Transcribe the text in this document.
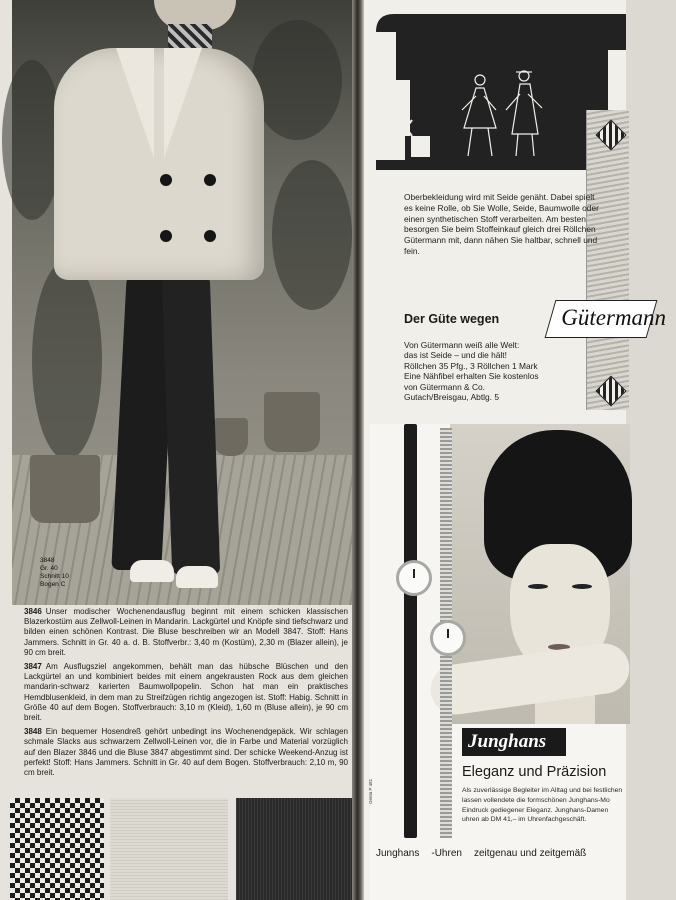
3848
Gr. 40
Schnitt 10
Bogen C

3846 Unser modischer Wochenendausflug beginnt mit einem schicken klassischen Blazerkostüm aus Zellwoll-Leinen in Mandarin. Lackgürtel und Knöpfe sind tiefschwarz und bilden einen schönen Kontrast. Die Bluse beschreiben wir an Modell 3847. Stoff: Hans Jammers. Schnitt in Gr. 40 a. d. B. Stoffverbr.: 3,40 m (Kostüm), 2,30 m (Blazer allein), je 90 cm breit.

3847 Am Ausflugsziel angekommen, behält man das hübsche Blüschen und den Lackgürtel an und kombiniert beides mit einem angekrausten Rock aus dem gleichen mandarin-schwarz karierten Baumwollpopelin. Schon hat man ein praktisches Hemdblusenkleid, in dem man zu Streifzügen richtig angezogen ist. Stoff: Habig. Schnitt in Größe 40 auf dem Bogen. Stoffverbrauch: 3,10 m (Kleid), 1,60 m (Bluse allein), je 90 cm breit.

3848 Ein bequemer Hosendreß gehört unbedingt ins Wochenendgepäck. Wir schlagen schmale Slacks aus schwarzem Zellwoll-Leinen vor, die in Farbe und Material vorzüglich auf den Blazer 3846 und die Bluse 3847 abgestimmt sind. Der schicke Weekend-Anzug ist perfekt! Stoff: Hans Jammers. Schnitt in Gr. 40 auf dem Bogen. Stoffverbrauch: 2,10 m, 90 cm breit.

Oberbekleidung wird mit Seide genäht. Dabei spielt es keine Rolle, ob Sie Wolle, Seide, Baumwolle oder einen synthetischen Stoff verarbeiten. Am besten besorgen Sie beim Stoffeinkauf gleich drei Röllchen Gütermann mit, dann nähen Sie haltbar, schnell und fein.
Der Güte wegen	Gütermann
Von Gütermann weiß alle Welt:
das ist Seide – und die hält!
Röllchen 35 Pfg., 3 Röllchen 1 Mark
Eine Nähfibel erhalten Sie kostenlos
von Gütermann & Co.
Gutach/Breisgau, Abtlg. 5
Genta P 481
Junghans
Eleganz und Präzision
Als zuverlässige Begleiter im Alltag und bei festlichen
lassen vollendete die formschönen Junghans-Mo
Eindruck gediegener Eleganz. Junghans-Damen
uhren ab DM 41,– im Uhrenfachgeschäft.
Junghans -Uhren zeitgenau und zeitgemäß
